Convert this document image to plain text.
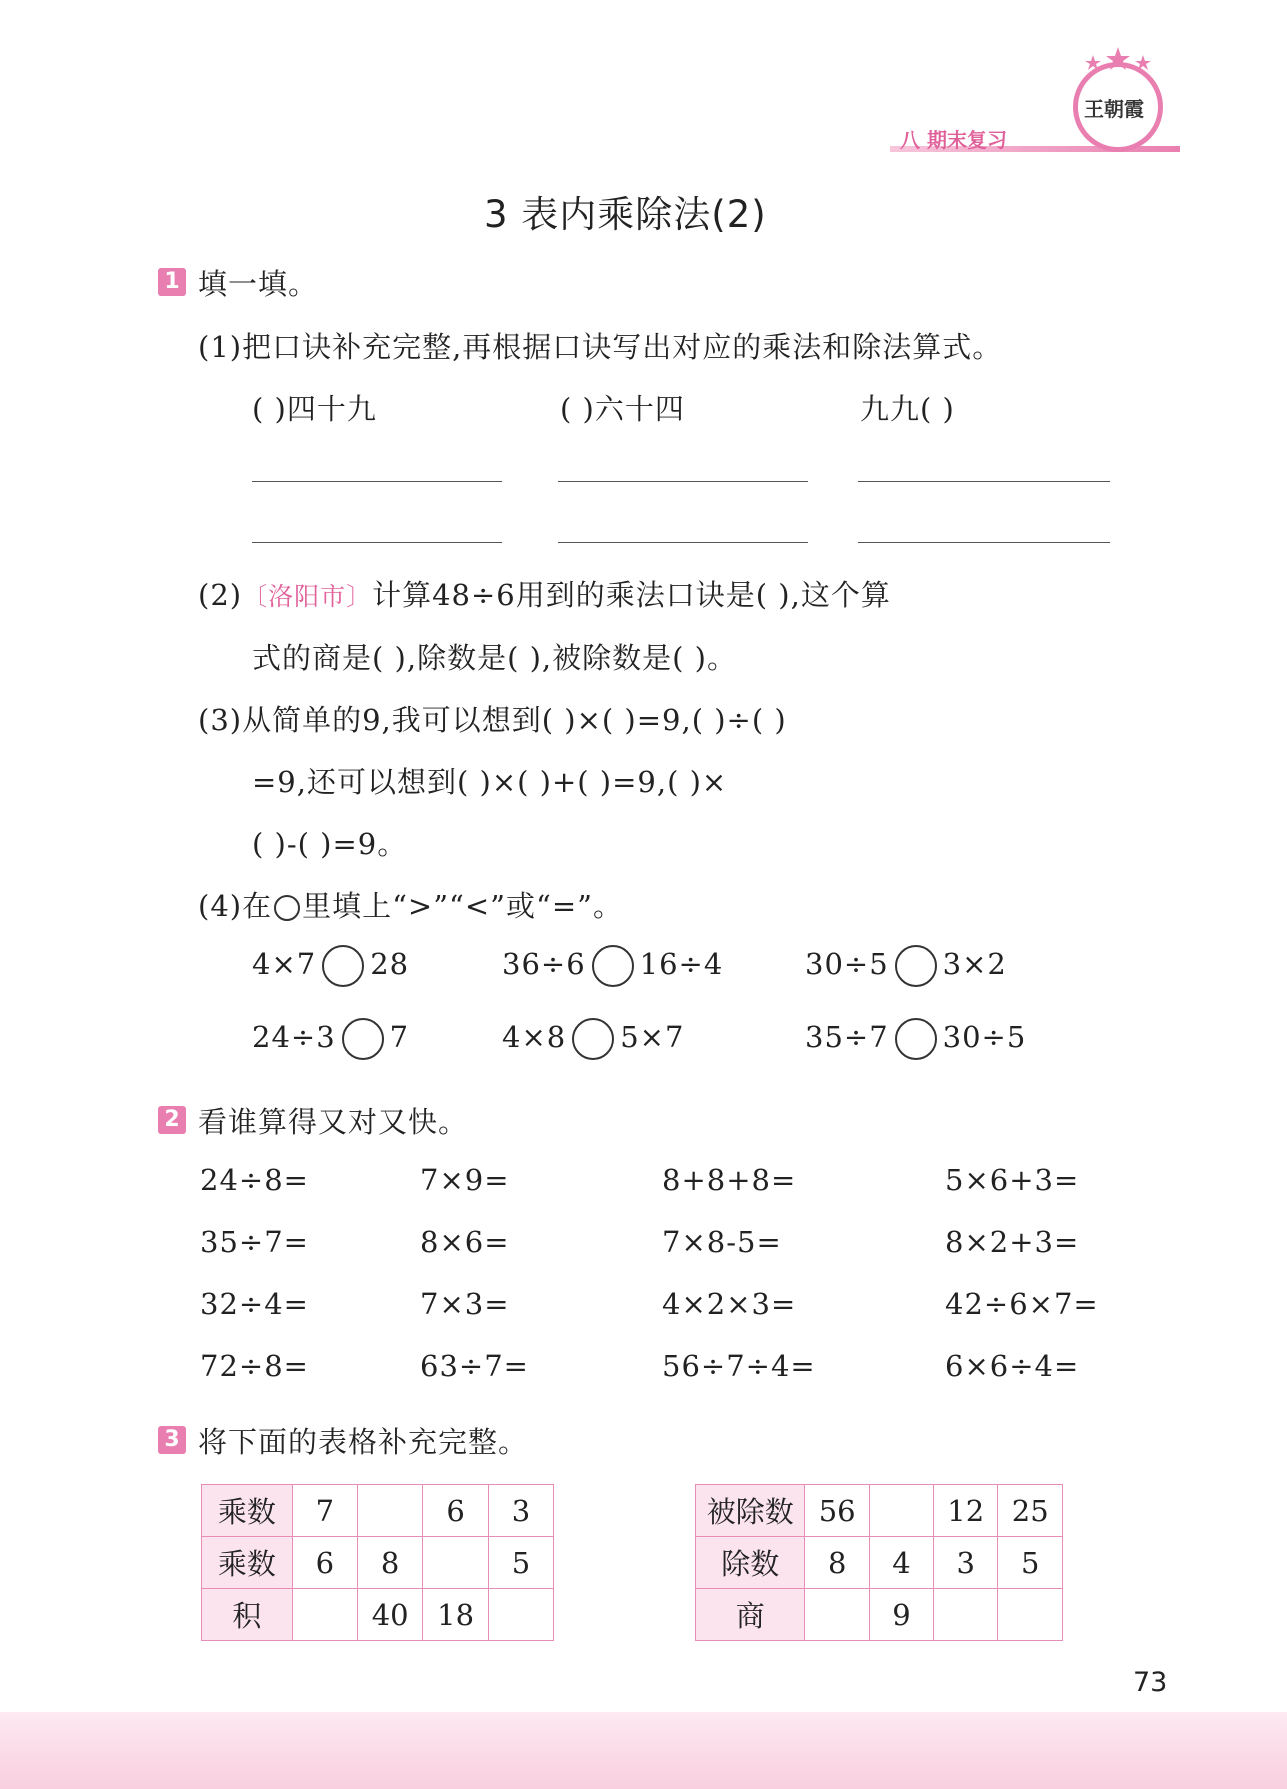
八 期末复习
王朝霞
3 表内乘除法(2)
1 填一填。
(1)把口诀补充完整,再根据口诀写出对应的乘法和除法算式。
( )四十九	( )六十四	九九( )
(2)〔洛阳市〕计算48÷6用到的乘法口诀是( ),这个算
式的商是( ),除数是( ),被除数是( )。
(3)从简单的9,我可以想到( )×( )=9,( )÷( )
=9,还可以想到( )×( )+( )=9,( )×
( )-( )=9。
(4)在 里填上“>”“<”或“=”。
4×7 28	36÷6 16÷4	30÷5 3×2
24÷3 7	4×8 5×7	35÷7 30÷5
2 看谁算得又对又快。
24÷8=	7×9=	8+8+8=	5×6+3=
35÷7=	8×6=	7×8-5=	8×2+3=
32÷4=	7×3=	4×2×3=	42÷6×7=
72÷8=	63÷7=	56÷7÷4=	6×6÷4=
3 将下面的表格补充完整。
乘数	7		6	3
乘数	6	8		5
积		40	18	
被除数	56		12	25
除数	8	4	3	5
商		9		
73
